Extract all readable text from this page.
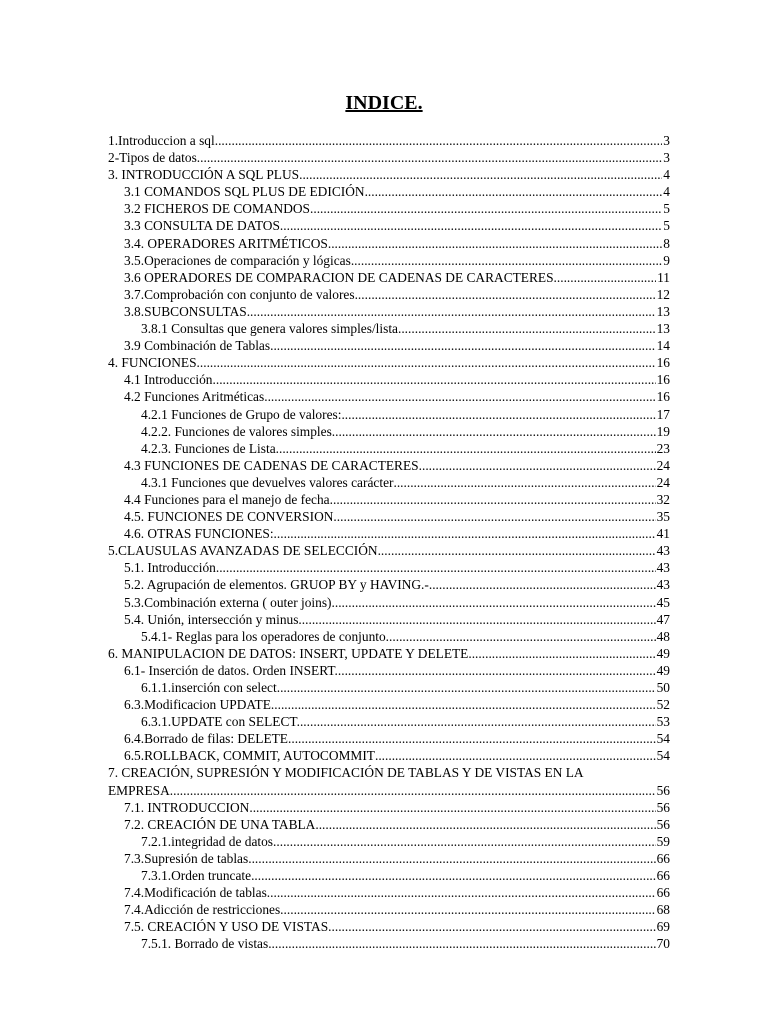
INDICE.
1.Introduccion a sql. .....	3
2-Tipos de datos. .....	3
3. INTRODUCCIÓN A SQL PLUS. .....	4
3.1 COMANDOS SQL PLUS DE EDICIÓN .....	4
3.2 FICHEROS DE COMANDOS .....	5
3.3 CONSULTA DE DATOS. .....	5
3.4. OPERADORES ARITMÉTICOS. .....	8
3.5.Operaciones de comparación y lógicas .....	9
3.6 OPERADORES DE COMPARACION DE CADENAS DE CARACTERES. .....	11
3.7.Comprobación con conjunto de valores. .....	12
3.8.SUBCONSULTAS. .....	13
3.8.1 Consultas que genera valores simples/lista .....	13
3.9 Combinación de Tablas .....	14
4. FUNCIONES. .....	16
4.1 Introducción .....	16
4.2 Funciones Aritméticas. .....	16
4.2.1 Funciones de Grupo de valores: .....	17
4.2.2. Funciones de valores simples. .....	19
4.2.3. Funciones de Lista. .....	23
4.3 FUNCIONES DE CADENAS DE CARACTERES. .....	24
4.3.1 Funciones que devuelves valores carácter .....	24
4.4 Funciones para el manejo de fecha. .....	32
4.5. FUNCIONES DE CONVERSION. .....	35
4.6. OTRAS FUNCIONES: .....	41
5.CLAUSULAS AVANZADAS DE SELECCIÓN .....	43
5.1. Introducción .....	43
5.2. Agrupación de elementos. GRUOP BY y HAVING.- .....	43
5.3.Combinación externa ( outer joins). .....	45
5.4. Unión, intersección y minus. .....	47
5.4.1- Reglas para los operadores de conjunto. .....	48
6. MANIPULACION DE DATOS: INSERT, UPDATE Y DELETE. .....	49
6.1- Inserción de datos. Orden INSERT. .....	49
6.1.1.inserción con select .....	50
6.3.Modificacion UPDATE .....	52
6.3.1.UPDATE con SELECT. .....	53
6.4.Borrado de filas: DELETE. .....	54
6.5.ROLLBACK, COMMIT, AUTOCOMMIT .....	54
7. CREACIÓN, SUPRESIÓN Y MODIFICACIÓN DE TABLAS Y DE VISTAS EN LA
EMPRESA .....	56
7.1. INTRODUCCION .....	56
7.2. CREACIÓN DE UNA TABLA .....	56
7.2.1.integridad de datos. .....	59
7.3.Supresión de tablas. .....	66
7.3.1.Orden truncate .....	66
7.4.Modificación de tablas. .....	66
7.4.Adicción de restricciones. .....	68
7.5. CREACIÓN Y USO DE VISTAS. .....	69
7.5.1. Borrado de vistas. .....	70
